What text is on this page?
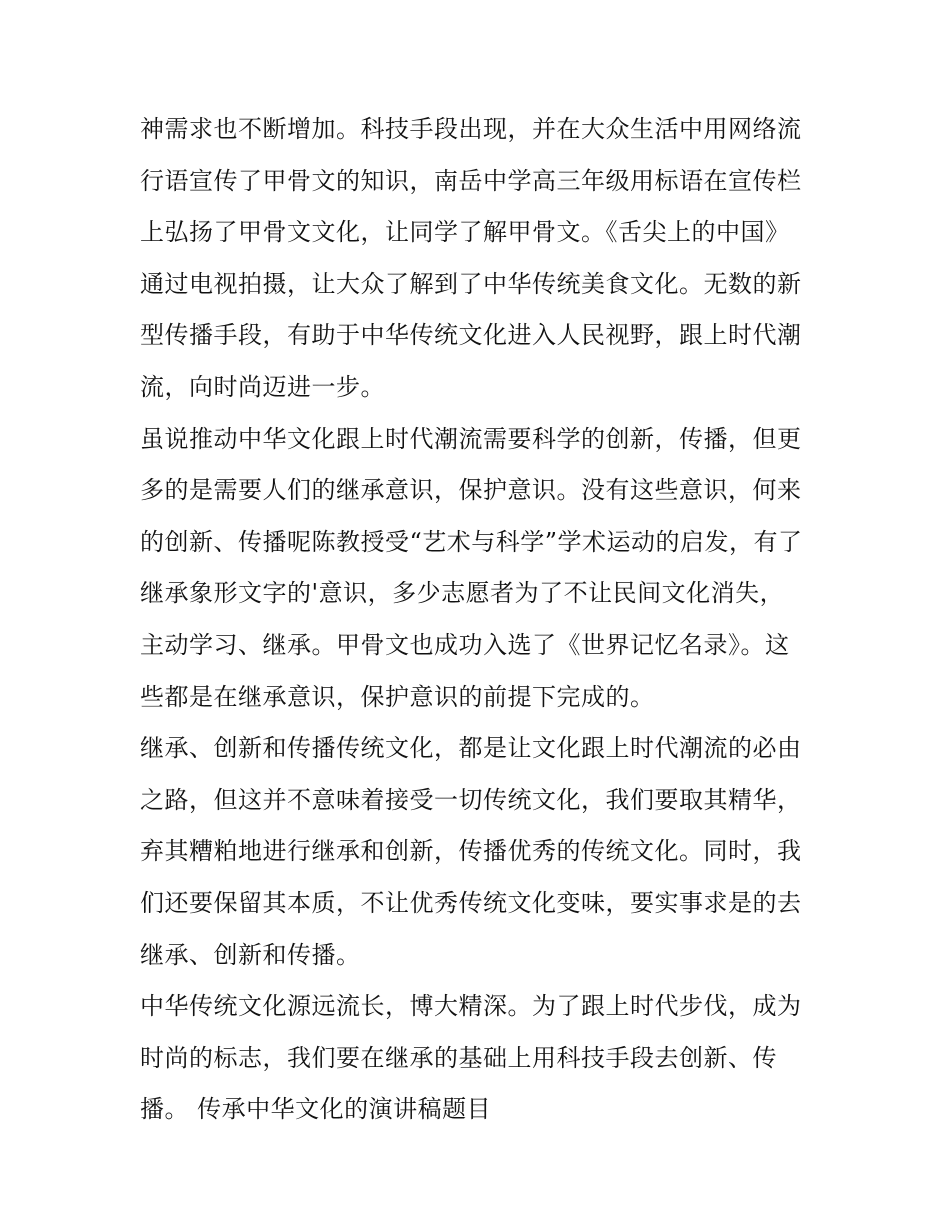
神需求也不断增加。科技手段出现，并在大众生活中用网络流
行语宣传了甲骨文的知识，南岳中学高三年级用标语在宣传栏
上弘扬了甲骨文文化，让同学了解甲骨文。《舌尖上的中国》
通过电视拍摄，让大众了解到了中华传统美食文化。无数的新
型传播手段，有助于中华传统文化进入人民视野，跟上时代潮
流，向时尚迈进一步。
虽说推动中华文化跟上时代潮流需要科学的创新，传播，但更
多的是需要人们的继承意识，保护意识。没有这些意识，何来
的创新、传播呢陈教授受“艺术与科学”学术运动的启发，有了
继承象形文字的'意识，多少志愿者为了不让民间文化消失，
主动学习、继承。甲骨文也成功入选了《世界记忆名录》。这
些都是在继承意识，保护意识的前提下完成的。
继承、创新和传播传统文化，都是让文化跟上时代潮流的必由
之路，但这并不意味着接受一切传统文化，我们要取其精华，
弃其糟粕地进行继承和创新，传播优秀的传统文化。同时，我
们还要保留其本质，不让优秀传统文化变味，要实事求是的去
继承、创新和传播。
中华传统文化源远流长，博大精深。为了跟上时代步伐，成为
时尚的标志，我们要在继承的基础上用科技手段去创新、传
播。 传承中华文化的演讲稿题目
